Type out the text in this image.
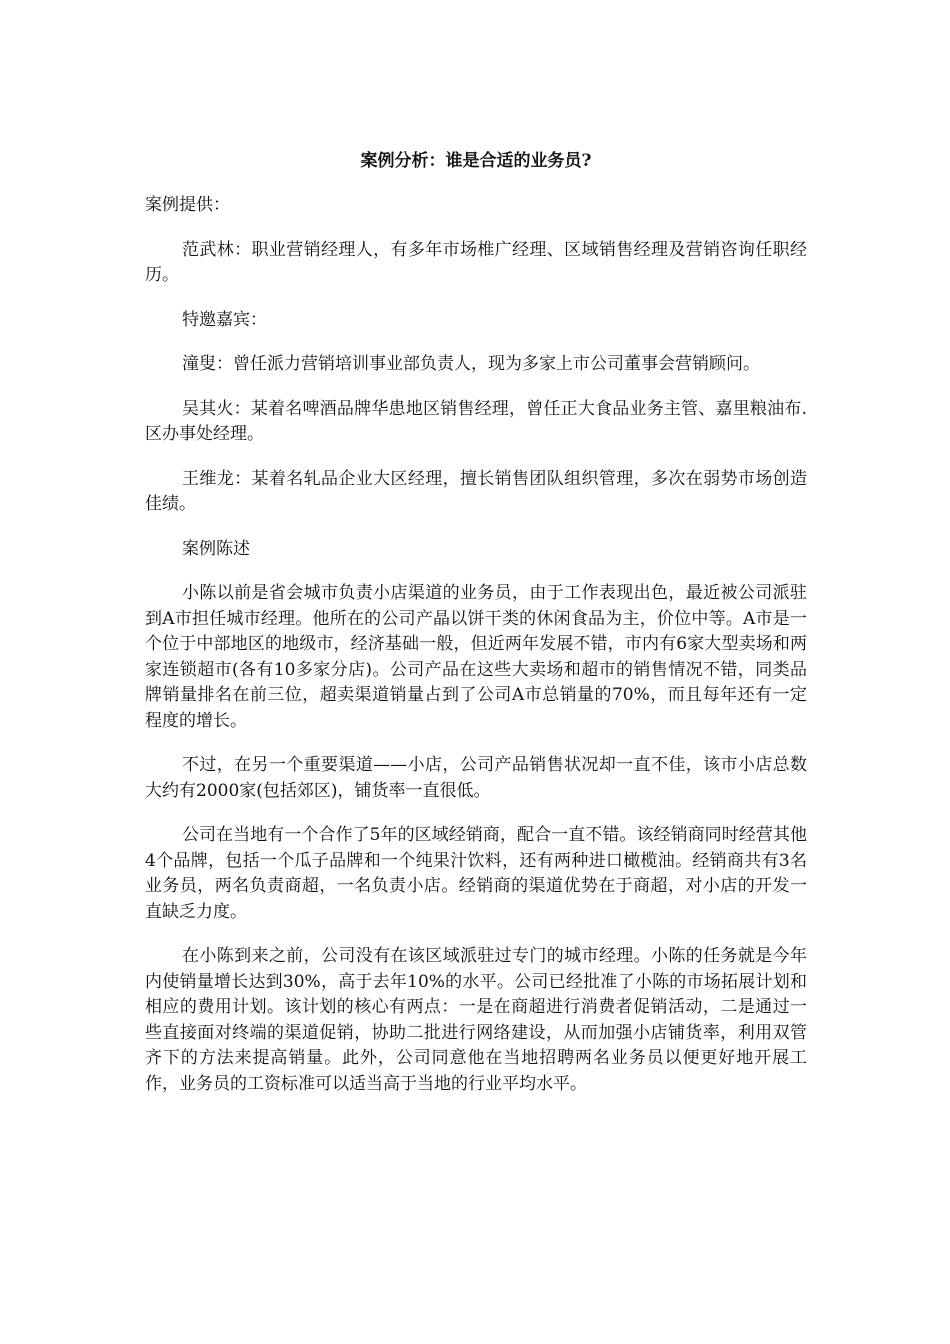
案例分析：谁是合适的业务员?

案例提供：

范武林：职业营销经理人，有多年市场椎广经理、区域销售经理及营销咨询任职经历。

特邀嘉宾：

潼叟：曾任派力营销培训事业部负责人，现为多家上市公司董事会营销顾问。

吴其火：某着名啤酒品牌华患地区销售经理，曾任正大食品业务主管、嘉里粮油布.区办事处经理。

王维龙：某着名轧品企业大区经理，擅长销售团队组织管理，多次在弱势市场创造佳绩。

案例陈述

小陈以前是省会城市负责小店渠道的业务员，由于工作表现出色，最近被公司派驻到A市担任城市经理。他所在的公司产晶以饼干类的休闲食品为主，价位中等。A市是一个位于中部地区的地级市，经济基础一般，但近两年发展不错，市内有6家大型卖场和两家连锁超市(各有10多家分店)。公司产品在这些大卖场和超市的销售情况不错，同类品牌销量排名在前三位，超卖渠道销量占到了公司A市总销量的70%，而且每年还有一定程度的增长。

不过，在另一个重要渠道——小店，公司产品销售状况却一直不佳，该市小店总数大约有2000家(包括郊区)，铺货率一直很低。

公司在当地有一个合作了5年的区域经销商，配合一直不错。该经销商同时经营其他4个品牌，包括一个瓜子品牌和一个纯果汁饮料，还有两种进口橄榄油。经销商共有3名业务员，两名负责商超，一名负责小店。经销商的渠道优势在于商超，对小店的开发一直缺乏力度。

在小陈到来之前，公司没有在该区域派驻过专门的城市经理。小陈的任务就是今年内使销量增长达到30%，高于去年10%的水平。公司已经批准了小陈的市场拓展计划和相应的费用计划。该计划的核心有两点：一是在商超进行消费者促销活动，二是通过一些直接面对终端的渠道促销，协助二批进行网络建设，从而加强小店铺货率，利用双管齐下的方法来提高销量。此外，公司同意他在当地招聘两名业务员以便更好地开展工作，业务员的工资标准可以适当高于当地的行业平均水平。
